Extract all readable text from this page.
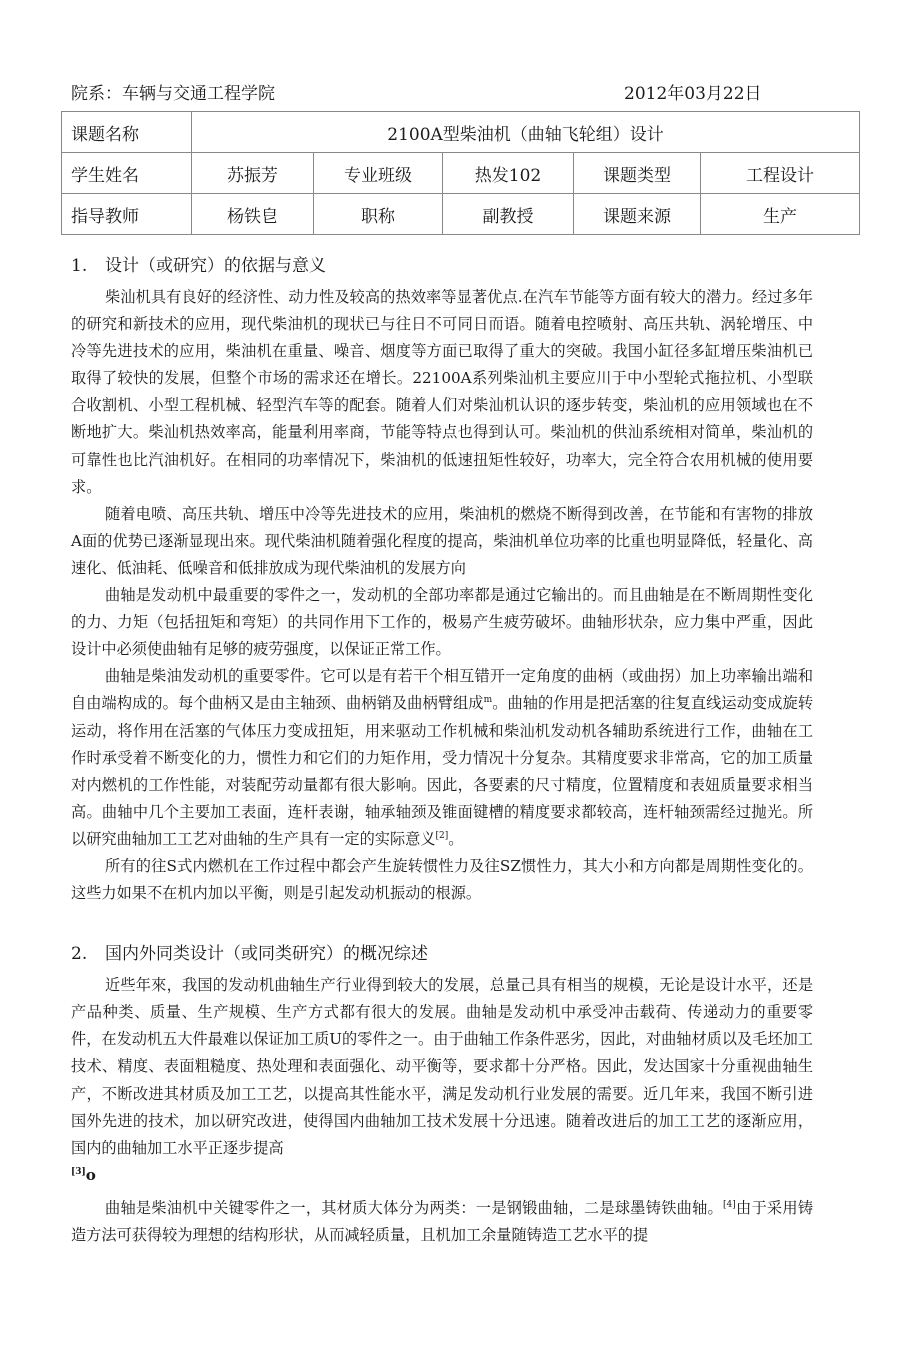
院系：车辆与交通工程学院	2012年03月22日
课题名称	2100A型柴油机（曲轴飞轮组）设计				
学生姓名	苏振芳	专业班级	热发102	课题类型	工程设计
指导教师	杨铁皀	职称	副教授	课题来源	生产
1. 设计（或研究）的依据与意义

柴汕机具有良好的经济性、动力性及较高的热效率等显著优点.在汽车节能等方面有较大的潜力。经过多年的研究和新技术的应用，现代柴油机的现状已与往日不可同日而语。随着电控喷射、高压共轨、涡轮增压、中冷等先进技术的应用，柴油机在重量、噪音、烟度等方面已取得了重大的突破。我国小缸径多缸增压柴油机已取得了较快的发展，但整个市场的需求还在增长。22100A系列柴汕机主要应川于中小型轮式拖拉机、小型联合收割机、小型工程机械、轻型汽车等的配套。随着人们对柴汕机认识的逐步转变，柴汕机的应用领域也在不断地扩大。柴汕机热效率高，能量利用率商，节能等特点也得到认可。柴汕机的供汕系统相对简单，柴汕机的可靠性也比汽油机好。在相同的功率情况下，柴油机的低速扭矩性较好，功率大，完全符合农用机械的使用要求。

随着电喷、高压共轨、增压中冷等先进技术的应用，柴油机的燃烧不断得到改善，在节能和有害物的排放A面的优势已逐渐显现出來。现代柴油机随着强化程度的提高，柴油机单位功率的比重也明显降低，轻量化、高速化、低油耗、低噪音和低排放成为现代柴油机的发展方向

曲轴是发动机中最重要的零件之一，发动机的全部功率都是通过它输出的。而且曲轴是在不断周期性变化的力、力矩（包括扭矩和弯矩）的共同作用下工作的，极易产生疲劳破坏。曲轴形状杂，应力集中严重，因此设计中必须使曲轴有足够的疲劳强度，以保证正常工作。

曲轴是柴油发动机的重要零件。它可以是有若干个相互错开一定角度的曲柄（或曲拐）加上功率输出端和自由端构成的。每个曲柄又是由主轴颈、曲柄销及曲柄臂组成$^m$。曲轴的作用是把活塞的往复直线运动变成旋转运动，将作用在活塞的气体压力变成扭矩，用来驱动工作机械和柴汕机发动机各辅助系统进行工作，曲轴在工作时承受着不断变化的力，惯性力和它们的力矩作用，受力情况十分复杂。其精度要求非常高，它的加工质量对内燃机的工作性能，对装配劳动量都有很大影响。因此，各要素的尺寸精度，位置精度和表妞质量要求相当高。曲轴中几个主要加工表面，连杆表谢，轴承轴颈及锥面键槽的精度要求都较高，连杆轴颈需经过抛光。所以研究曲轴加工工艺对曲轴的生产具有一定的实际意义[2]。

所有的往S式内燃机在工作过程中都会产生旋转惯性力及往SZ惯性力，其大小和方向都是周期性变化的。这些力如果不在机内加以平衡，则是引起发动机振动的根源。

2. 国内外同类设计（或同类研究）的概况综述

近些年來，我国的发动机曲轴生产行业得到较大的发展，总量己具有相当的规模，无论是设计水平，还是产品种类、质量、生产规模、生产方式都有很大的发展。曲轴是发动机中承受冲击载荷、传递动力的重要零件，在发动机五大件最难以保证加工质U的零件之一。由于曲轴工作条件恶劣，因此，对曲轴材质以及毛坯加工技术、精度、表面粗糙度、热处理和表面强化、动平衡等，要求都十分严格。因此，发达国家十分重视曲轴生产，不断改进其材质及加工工艺，以提高其性能水平，满足发动机行业发展的需要。近几年来，我国不断引进国外先进的技术，加以研究改进，使得国内曲轴加工技术发展十分迅速。随着改进后的加工工艺的逐渐应用，国内的曲轴加工水平正逐步提高
[3]o

曲轴是柴油机中关键零件之一，其材质大体分为两类：一是钢锻曲轴，二是球墨铸铁曲轴。[4]由于采用铸造方法可获得较为理想的结构形状，从而减轻质量，且机加工余量随铸造工艺水平的提
